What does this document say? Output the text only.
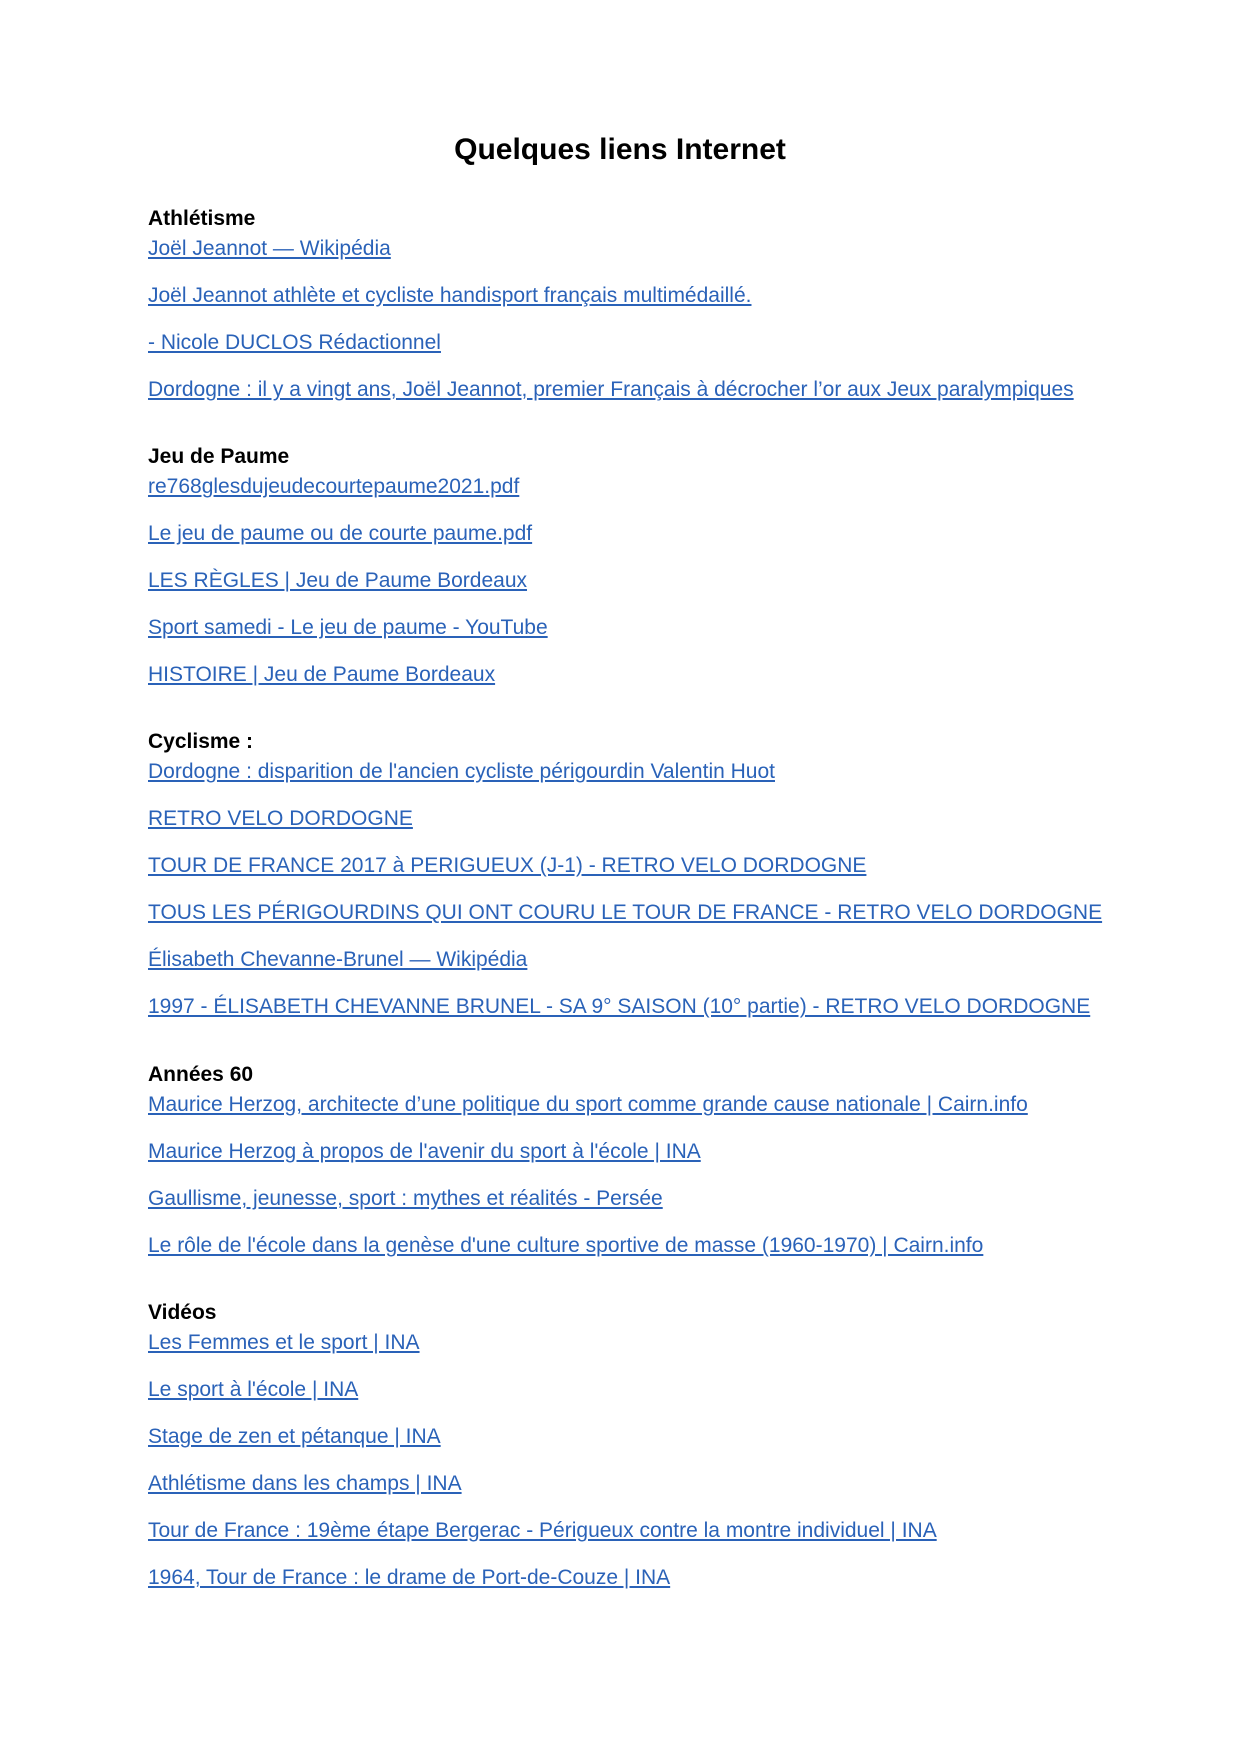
Quelques liens Internet
Athlétisme
Joël Jeannot — Wikipédia
Joël Jeannot athlète et cycliste handisport français multimédaillé.
- Nicole DUCLOS Rédactionnel
Dordogne : il y a vingt ans, Joël Jeannot, premier Français à décrocher l’or aux Jeux paralympiques
Jeu de Paume
re768glesdujeudecourtepaume2021.pdf
Le jeu de paume ou de courte paume.pdf
LES RÈGLES | Jeu de Paume Bordeaux
Sport samedi - Le jeu de paume - YouTube
HISTOIRE | Jeu de Paume Bordeaux
Cyclisme :
Dordogne : disparition de l'ancien cycliste périgourdin Valentin Huot
RETRO VELO DORDOGNE
TOUR DE FRANCE 2017 à PERIGUEUX (J-1) - RETRO VELO DORDOGNE
TOUS LES PÉRIGOURDINS QUI ONT COURU LE TOUR DE FRANCE - RETRO VELO DORDOGNE
Élisabeth Chevanne-Brunel — Wikipédia
1997 - ÉLISABETH CHEVANNE BRUNEL - SA 9° SAISON (10° partie) - RETRO VELO DORDOGNE
Années 60
Maurice Herzog, architecte d’une politique du sport comme grande cause nationale | Cairn.info
Maurice Herzog à propos de l'avenir du sport à l'école | INA
Gaullisme, jeunesse, sport : mythes et réalités - Persée
Le rôle de l'école dans la genèse d'une culture sportive de masse (1960-1970) | Cairn.info
Vidéos
Les Femmes et le sport | INA
Le sport à l'école | INA
Stage de zen et pétanque | INA
Athlétisme dans les champs | INA
Tour de France : 19ème étape Bergerac - Périgueux contre la montre individuel | INA
1964, Tour de France : le drame de Port-de-Couze | INA
